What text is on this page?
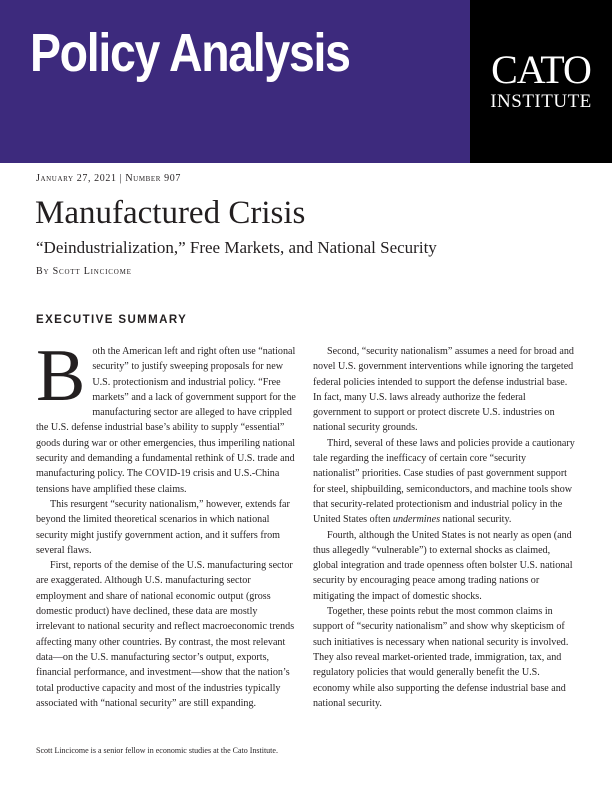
Policy Analysis	CATO
INSTITUTE
January 27, 2021 | Number 907
Manufactured Crisis
“Deindustrialization,” Free Markets, and National Security
By Scott Lincicome
EXECUTIVE SUMMARY

Both the American left and right often use “national security” to justify sweeping proposals for new U.S. protectionism and industrial policy. “Free markets” and a lack of government support for the manufacturing sector are alleged to have crippled the U.S. defense industrial base’s ability to supply “essential” goods during war or other emergencies, thus imperiling national security and demanding a fundamental rethink of U.S. trade and manufacturing policy. The COVID-19 crisis and U.S.-China tensions have amplified these claims.

This resurgent “security nationalism,” however, extends far beyond the limited theoretical scenarios in which national security might justify government action, and it suffers from several flaws.

First, reports of the demise of the U.S. manufacturing sector are exaggerated. Although U.S. manufacturing sector employment and share of national economic output (gross domestic product) have declined, these data are mostly irrelevant to national security and reflect macroeconomic trends affecting many other countries. By contrast, the most relevant data—on the U.S. manufacturing sector’s output, exports, financial performance, and investment—show that the nation’s total productive capacity and most of the industries typically associated with “national security” are still expanding.

Second, “security nationalism” assumes a need for broad and novel U.S. government interventions while ignoring the targeted federal policies intended to support the defense industrial base. In fact, many U.S. laws already authorize the federal government to support or protect discrete U.S. industries on national security grounds.

Third, several of these laws and policies provide a cautionary tale regarding the inefficacy of certain core “security nationalist” priorities. Case studies of past government support for steel, shipbuilding, semiconductors, and machine tools show that security-related protectionism and industrial policy in the United States often undermines national security.

Fourth, although the United States is not nearly as open (and thus allegedly “vulnerable”) to external shocks as claimed, global integration and trade openness often bolster U.S. national security by encouraging peace among trading nations or mitigating the impact of domestic shocks.

Together, these points rebut the most common claims in support of “security nationalism” and show why skepticism of such initiatives is necessary when national security is involved. They also reveal market-oriented trade, immigration, tax, and regulatory policies that would generally benefit the U.S. economy while also supporting the defense industrial base and national security.

Scott Lincicome is a senior fellow in economic studies at the Cato Institute.
